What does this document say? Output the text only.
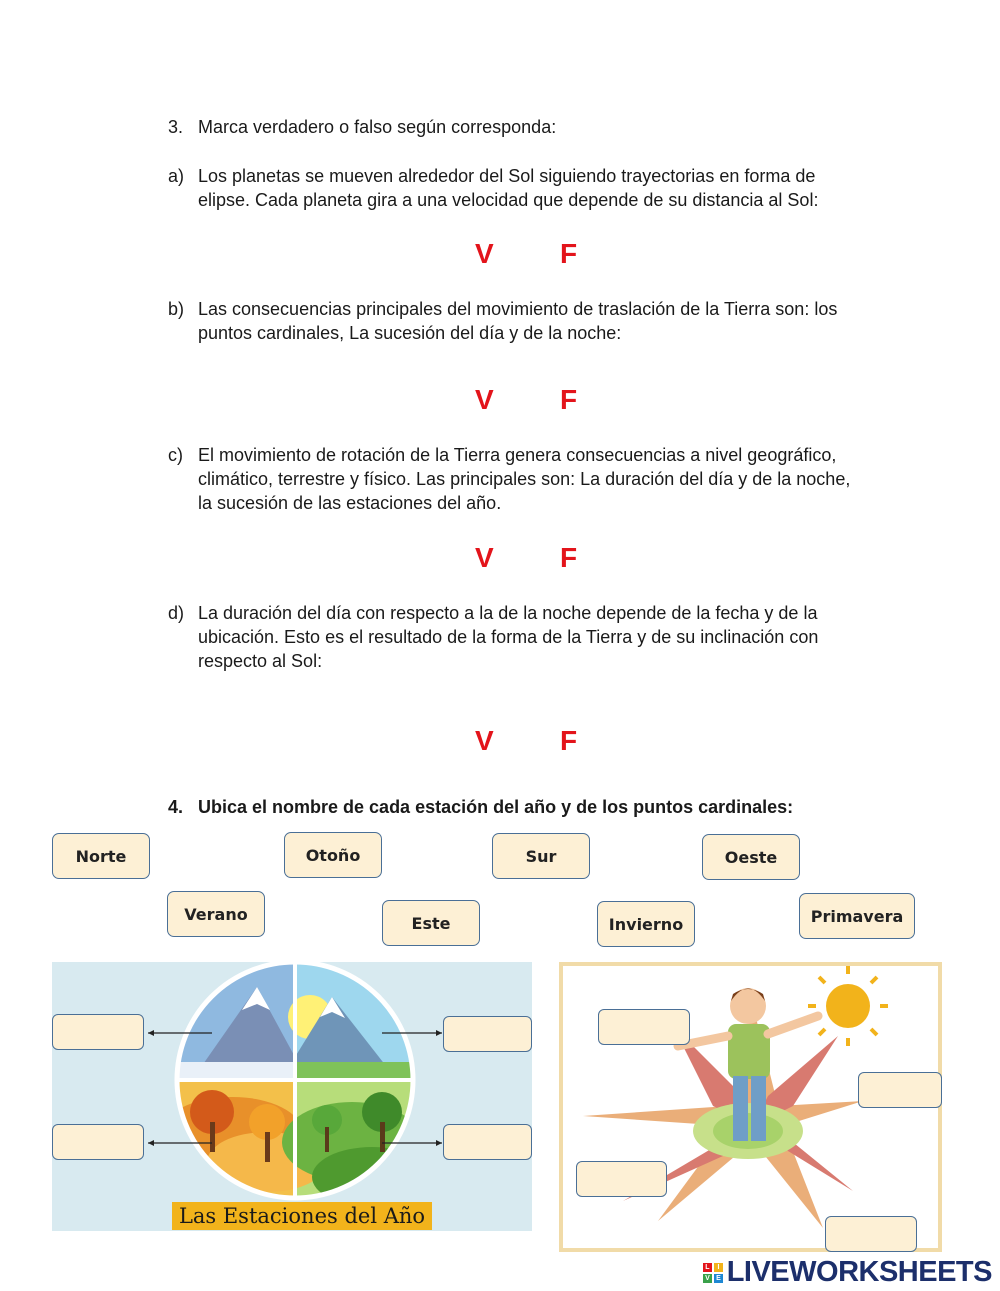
3. Marca verdadero o falso según corresponda:
a) Los planetas se mueven alrededor del Sol siguiendo trayectorias en forma de elipse. Cada planeta gira a una velocidad que depende de su distancia al Sol:
V F
b) Las consecuencias principales del movimiento de traslación de la Tierra son: los puntos cardinales, La sucesión del día y de la noche:
V F
c) El movimiento de rotación de la Tierra genera consecuencias a nivel geográfico, climático, terrestre y físico. Las principales son: La duración del día y de la noche, la sucesión de las estaciones del año.
V F
d) La duración del día con respecto a la de la noche depende de la fecha y de la ubicación. Esto es el resultado de la forma de la Tierra y de su inclinación con respecto al Sol:
V F
4. Ubica el nombre de cada estación del año y de los puntos cardinales:
Norte	Otoño	Sur	Oeste
Verano	Este	Invierno	Primavera
Las Estaciones del Año
L	I
V E LIVEWORKSHEETS
